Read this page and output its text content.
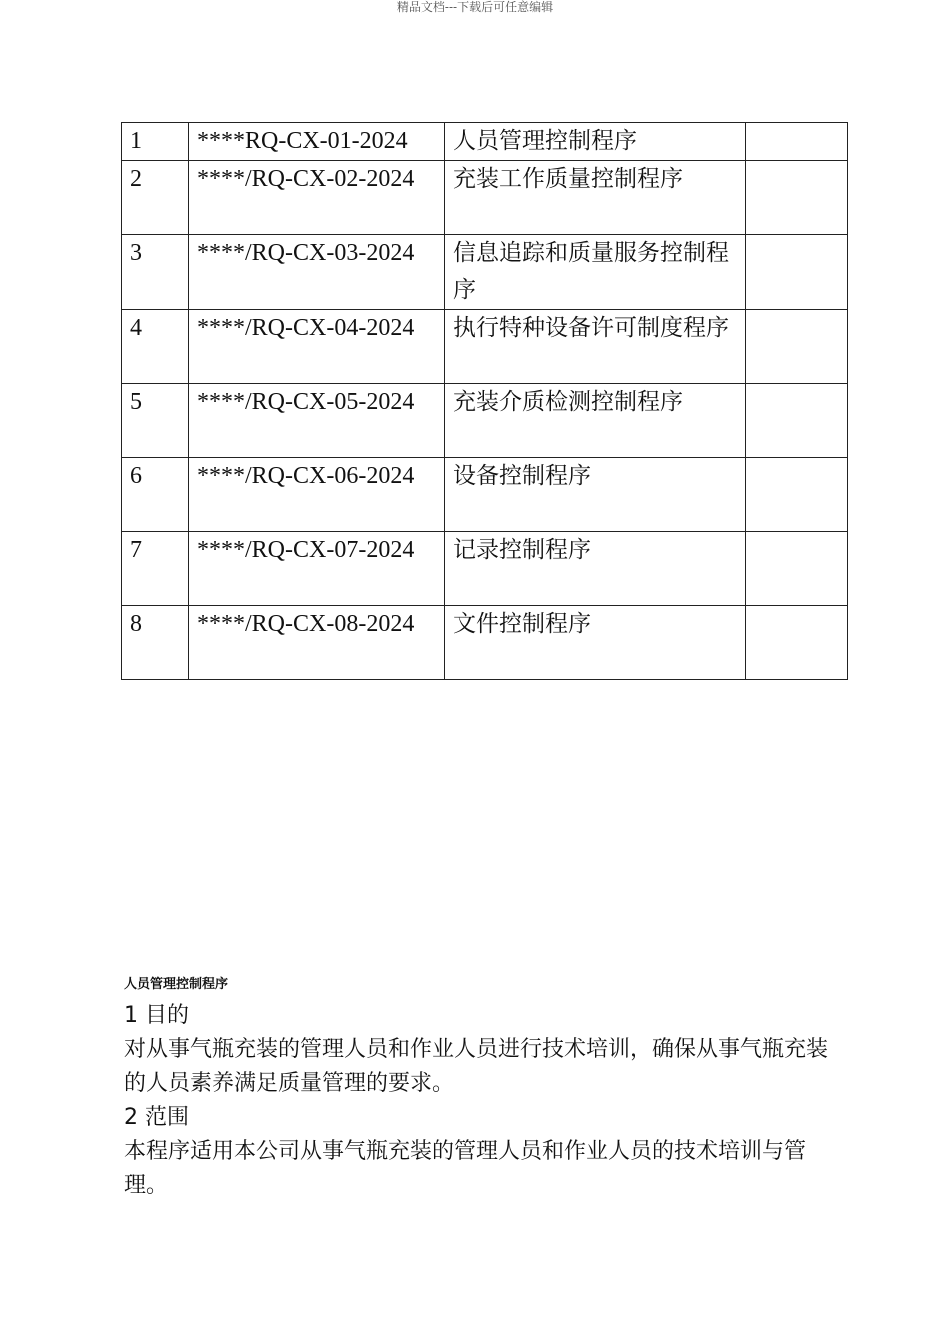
精品文档---下载后可任意编辑
1	****RQ-CX-01-2024	人员管理控制程序	
2	****/RQ-CX-02-2024	充装工作质量控制程序	
3	****/RQ-CX-03-2024	信息追踪和质量服务控制程序	
4	****/RQ-CX-04-2024	执行特种设备许可制度程序	
5	****/RQ-CX-05-2024	充装介质检测控制程序	
6	****/RQ-CX-06-2024	设备控制程序	
7	****/RQ-CX-07-2024	记录控制程序	
8	****/RQ-CX-08-2024	文件控制程序	
人员管理控制程序
1 目的
对从事气瓶充装的管理人员和作业人员进行技术培训，确保从事气瓶充装的人员素养满足质量管理的要求。
2 范围
本程序适用本公司从事气瓶充装的管理人员和作业人员的技术培训与管理。
